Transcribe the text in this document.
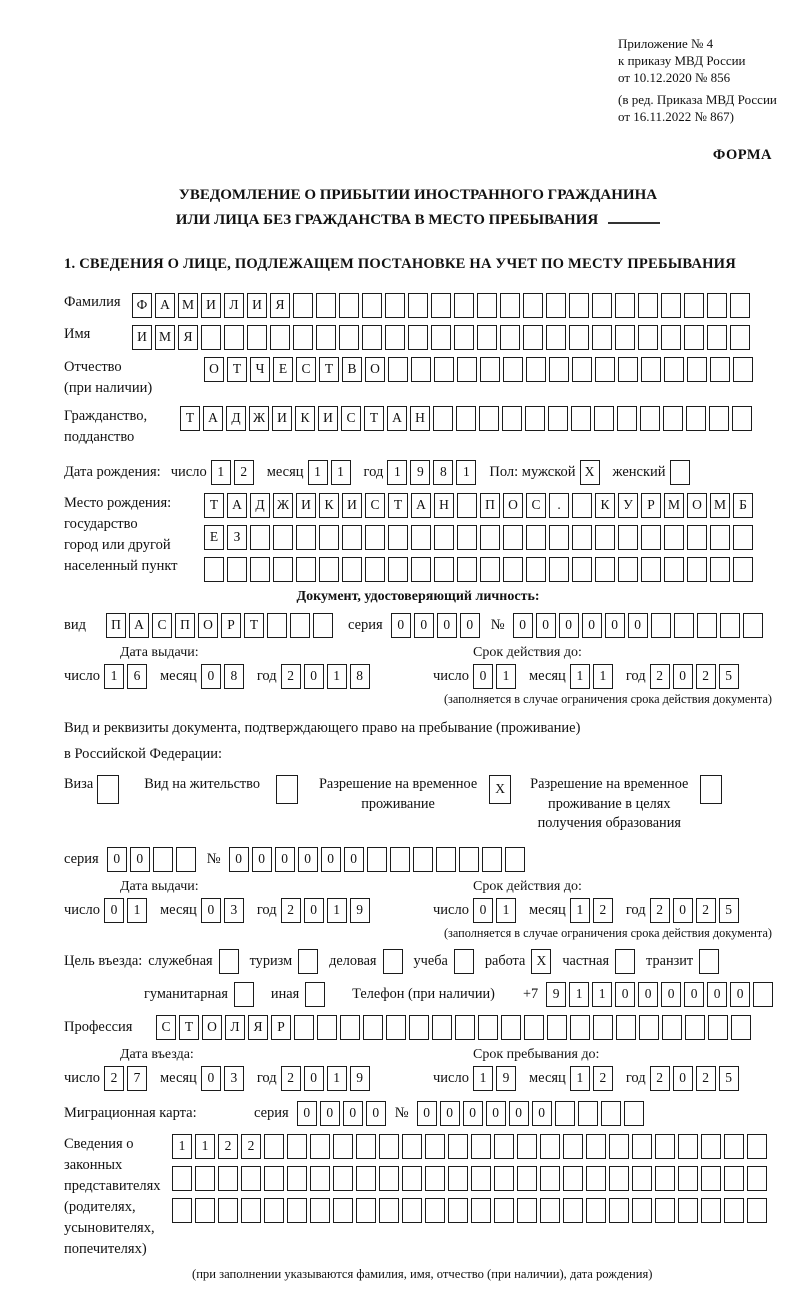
Приложение № 4
к приказу МВД России
от 10.12.2020 № 856
(в ред. Приказа МВД России
от 16.11.2022 № 867)
ФОРМА
УВЕДОМЛЕНИЕ О ПРИБЫТИИ ИНОСТРАННОГО ГРАЖДАНИНА
ИЛИ ЛИЦА БЕЗ ГРАЖДАНСТВА В МЕСТО ПРЕБЫВАНИЯ
1. СВЕДЕНИЯ О ЛИЦЕ, ПОДЛЕЖАЩЕМ ПОСТАНОВКЕ НА УЧЕТ ПО МЕСТУ ПРЕБЫВАНИЯ
Фамилия	Ф А М И Л И Я
Имя	И М Я
Отчество
(при наличии)
О Т Ч Е С Т В О
Гражданство,
подданство
Т А Д Ж И К И С Т А Н
Дата рождения: число 1 2	месяц 1 1	год 1 9 8 1	Пол: мужской X	женский
Место рождения:
государство
город или другой
населенный пункт
Т А Д Ж И К И С Т А Н	П О С .	К У Р М О М Б
Е З
Документ, удостоверяющий личность:
вид	П А С П О Р Т	серия	0 0 0 0	№	0 0 0 0 0 0
Дата выдачи:
число 1 6	месяц 0 8	год 2 0 1 8
Срок действия до:
число 0 1	месяц 1 1	год 2 0 2 5
(заполняется в случае ограничения срока действия документа)
Вид и реквизиты документа, подтверждающего право на пребывание (проживание)
в Российской Федерации:
Виза	Вид на жительство	Разрешение на временное
проживание
X	Разрешение на временное
проживание в целях
получения образования
серия	0 0	№	0 0 0 0 0 0
Дата выдачи:
число 0 1	месяц 0 3	год 2 0 1 9
Срок действия до:
число 0 1	месяц 1 2	год 2 0 2 5
(заполняется в случае ограничения срока действия документа)
Цель въезда: служебная	туризм	деловая	учеба	работа X	частная	транзит
гуманитарная	иная	Телефон (при наличии) +7	9 1 1 0 0 0 0 0 0
Профессия	С Т О Л Я Р
Дата въезда:
число 2 7	месяц 0 3	год 2 0 1 9
Срок пребывания до:
число 1 9	месяц 1 2	год 2 0 2 5
Миграционная карта:	серия	0 0 0 0	№	0 0 0 0 0 0
Сведения о
законных
представителях
(родителях,
усыновителях,
попечителях)
1 1 2 2
(при заполнении указываются фамилия, имя, отчество (при наличии), дата рождения)
